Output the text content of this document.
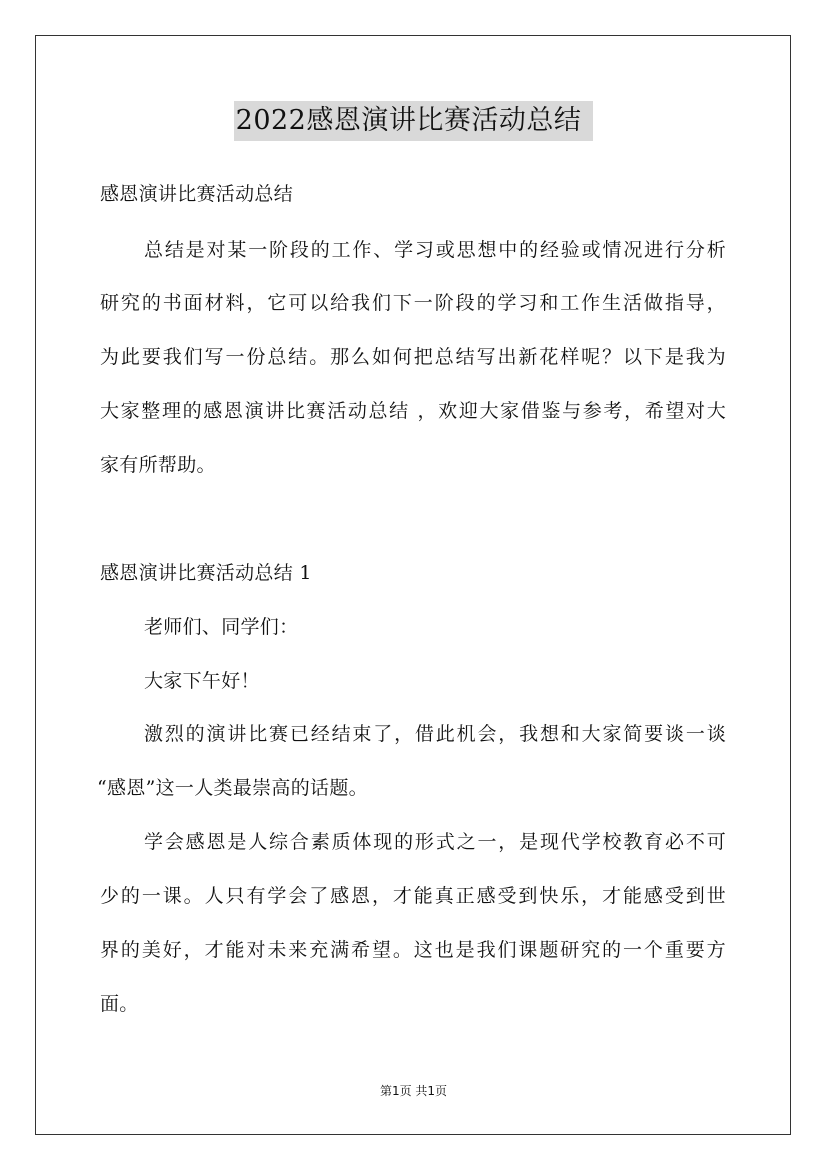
2022感恩演讲比赛活动总结
感恩演讲比赛活动总结
总结是对某一阶段的工作、学习或思想中的经验或情况进行分析
研究的书面材料，它可以给我们下一阶段的学习和工作生活做指导，
为此要我们写一份总结。那么如何把总结写出新花样呢？以下是我为
大家整理的感恩演讲比赛活动总结 ，欢迎大家借鉴与参考，希望对大
家有所帮助。
感恩演讲比赛活动总结 1
老师们、同学们：
大家下午好！
激烈的演讲比赛已经结束了，借此机会，我想和大家简要谈一谈
“感恩”这一人类最崇高的话题。
学会感恩是人综合素质体现的形式之一，是现代学校教育必不可
少的一课。人只有学会了感恩，才能真正感受到快乐，才能感受到世
界的美好，才能对未来充满希望。这也是我们课题研究的一个重要方
面。
第1页 共1页
